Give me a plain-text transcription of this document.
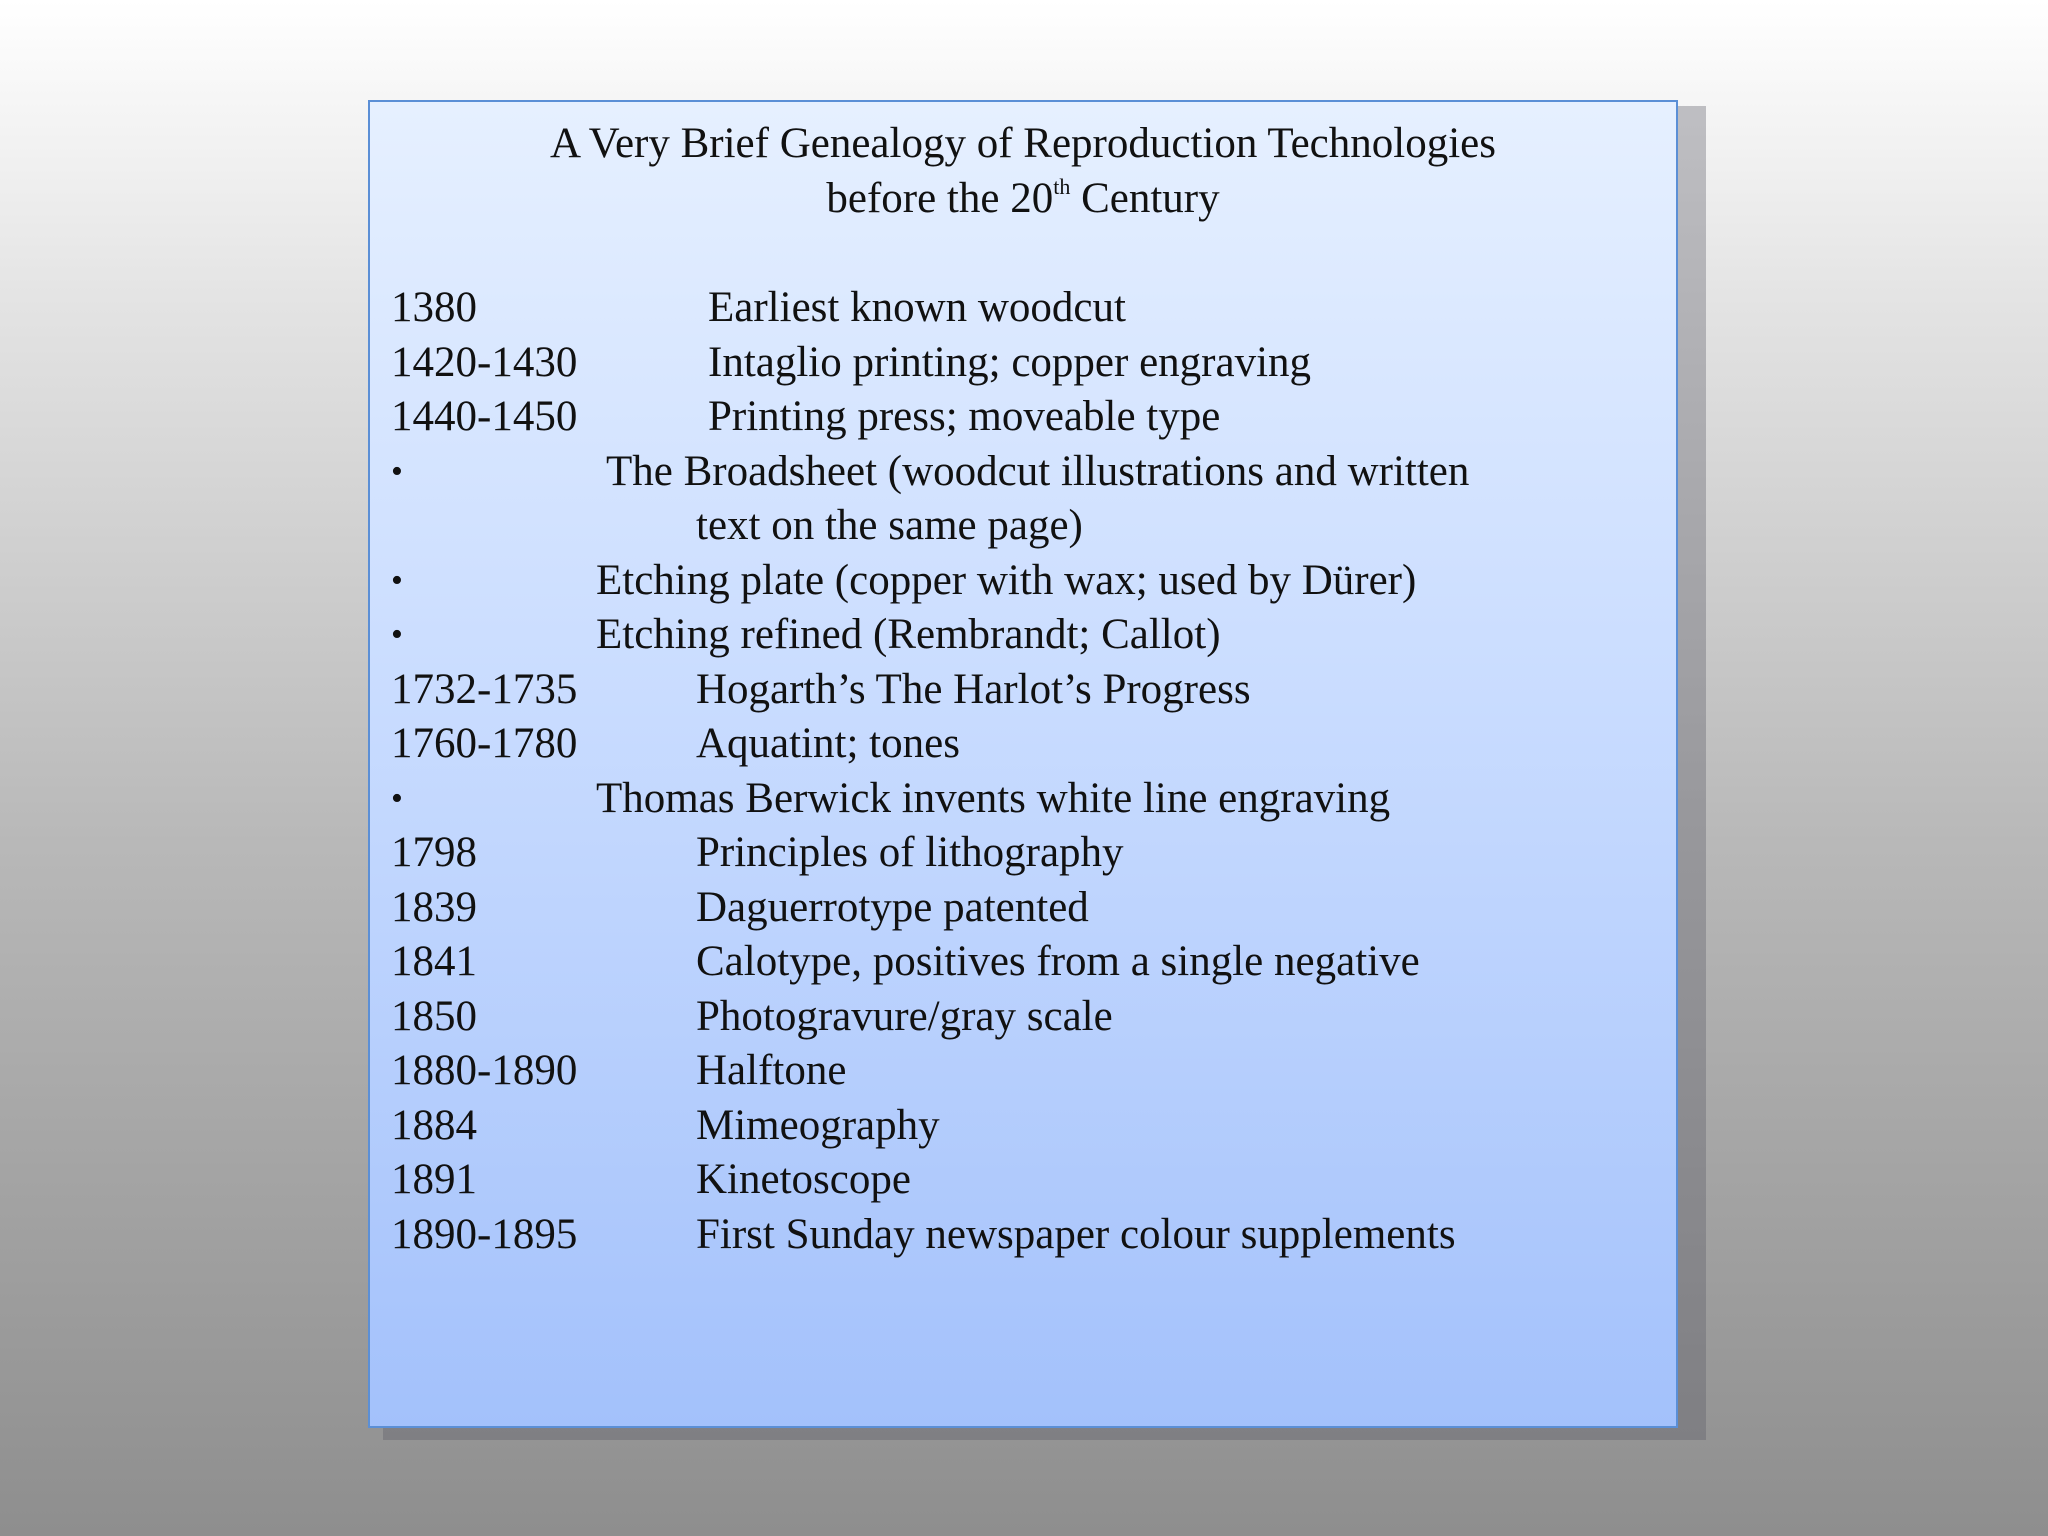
A Very Brief Genealogy of Reproduction Technologies
before the 20th Century
1380	Earliest known woodcut
1420-1430	Intaglio printing; copper engraving
1440-1450	Printing press; moveable type
•	The Broadsheet (woodcut illustrations and written
text on the same page)
•	Etching plate (copper with wax; used by Dürer)
•	Etching refined (Rembrandt; Callot)
1732-1735	Hogarth’s The Harlot’s Progress
1760-1780	Aquatint; tones
•	Thomas Berwick invents white line engraving
1798	Principles of lithography
1839	Daguerrotype patented
1841	Calotype, positives from a single negative
1850	Photogravure/gray scale
1880-1890	Halftone
1884	Mimeography
1891	Kinetoscope
1890-1895	First Sunday newspaper colour supplements
